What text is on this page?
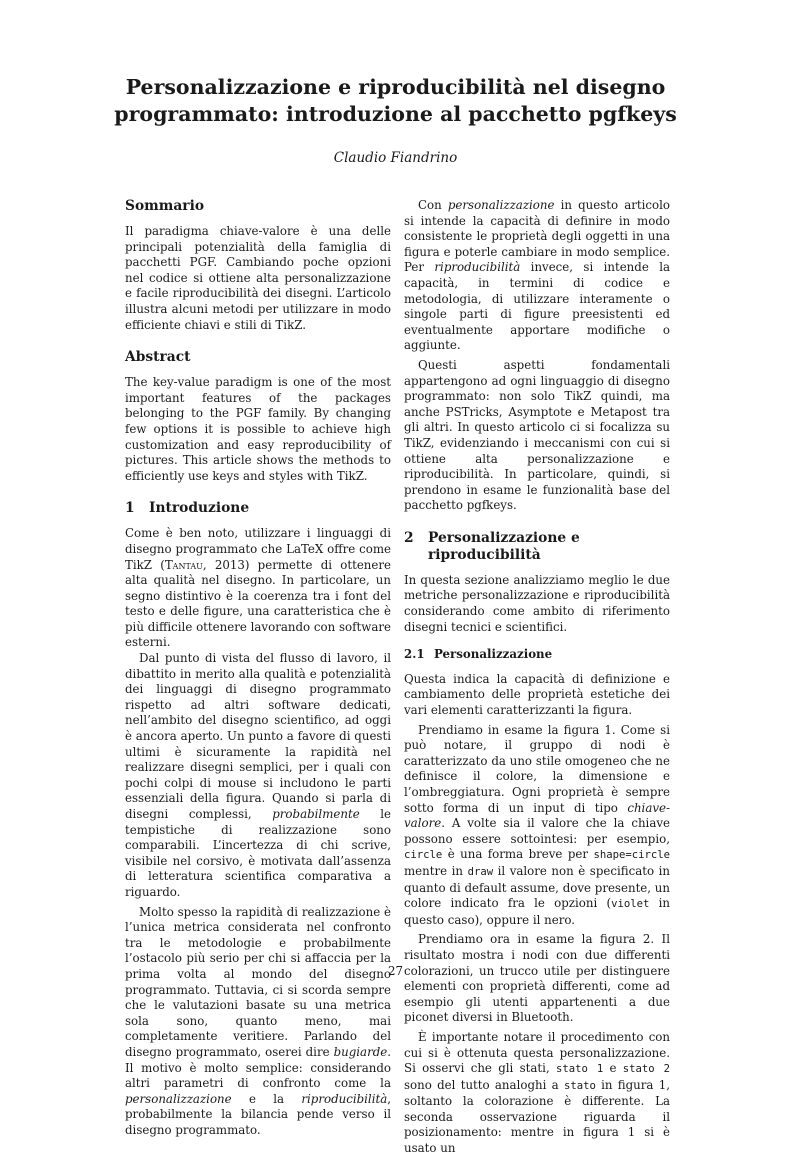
Personalizzazione e riproducibilità nel disegno
programmato: introduzione al pacchetto pgfkeys
Claudio Fiandrino
Sommario

Il paradigma chiave-valore è una delle principali potenzialità della famiglia di pacchetti PGF. Cambiando poche opzioni nel codice si ottiene alta personalizzazione e facile riproducibilità dei disegni. L’articolo illustra alcuni metodi per utilizzare in modo efficiente chiavi e stili di TikZ.

Abstract

The key-value paradigm is one of the most important features of the packages belonging to the PGF family. By changing few options it is possible to achieve high customization and easy reproducibility of pictures. This article shows the methods to efficiently use keys and styles with TikZ.

1 Introduzione

Come è ben noto, utilizzare i linguaggi di disegno programmato che LaTeX offre come TikZ (Tantau, 2013) permette di ottenere alta qualità nel disegno. In particolare, un segno distintivo è la coerenza tra i font del testo e delle figure, una caratteristica che è più difficile ottenere lavorando con software esterni.

Dal punto di vista del flusso di lavoro, il dibattito in merito alla qualità e potenzialità dei linguaggi di disegno programmato rispetto ad altri software dedicati, nell’ambito del disegno scientifico, ad oggi è ancora aperto. Un punto a favore di questi ultimi è sicuramente la rapidità nel realizzare disegni semplici, per i quali con pochi colpi di mouse si includono le parti essenziali della figura. Quando si parla di disegni complessi, probabilmente le tempistiche di realizzazione sono comparabili. L’incertezza di chi scrive, visibile nel corsivo, è motivata dall’assenza di letteratura scientifica comparativa a riguardo.

Molto spesso la rapidità di realizzazione è l’unica metrica considerata nel confronto tra le metodologie e probabilmente l’ostacolo più serio per chi si affaccia per la prima volta al mondo del disegno programmato. Tuttavia, ci si scorda sempre che le valutazioni basate su una metrica sola sono, quanto meno, mai completamente veritiere. Parlando del disegno programmato, oserei dire bugiarde. Il motivo è molto semplice: considerando altri parametri di confronto come la personalizzazione e la riproducibilità, probabilmente la bilancia pende verso il disegno programmato.

Con personalizzazione in questo articolo si intende la capacità di definire in modo consistente le proprietà degli oggetti in una figura e poterle cambiare in modo semplice. Per riproducibilità invece, si intende la capacità, in termini di codice e metodologia, di utilizzare interamente o singole parti di figure preesistenti ed eventualmente apportare modifiche o aggiunte.

Questi aspetti fondamentali appartengono ad ogni linguaggio di disegno programmato: non solo TikZ quindi, ma anche PSTricks, Asymptote e Metapost tra gli altri. In questo articolo ci si focalizza su TikZ, evidenziando i meccanismi con cui si ottiene alta personalizzazione e riproducibilità. In particolare, quindi, si prendono in esame le funzionalità base del pacchetto pgfkeys.

2	Personalizzazione e
riproducibilità

In questa sezione analizziamo meglio le due metriche personalizzazione e riproducibilità considerando come ambito di riferimento disegni tecnici e scientifici.

2.1 Personalizzazione

Questa indica la capacità di definizione e cambiamento delle proprietà estetiche dei vari elementi caratterizzanti la figura.

Prendiamo in esame la figura 1. Come si può notare, il gruppo di nodi è caratterizzato da uno stile omogeneo che ne definisce il colore, la dimensione e l’ombreggiatura. Ogni proprietà è sempre sotto forma di un input di tipo chiave-valore. A volte sia il valore che la chiave possono essere sottointesi: per esempio, circle è una forma breve per shape=circle mentre in draw il valore non è specificato in quanto di default assume, dove presente, un colore indicato fra le opzioni (violet in questo caso), oppure il nero.

Prendiamo ora in esame la figura 2. Il risultato mostra i nodi con due differenti colorazioni, un trucco utile per distinguere elementi con proprietà differenti, come ad esempio gli utenti appartenenti a due piconet diversi in Bluetooth.

È importante notare il procedimento con cui si è ottenuta questa personalizzazione. Si osservi che gli stati, stato 1 e stato 2 sono del tutto analoghi a stato in figura 1, soltanto la colorazione è differente. La seconda osservazione riguarda il posizionamento: mentre in figura 1 si è usato un

27
